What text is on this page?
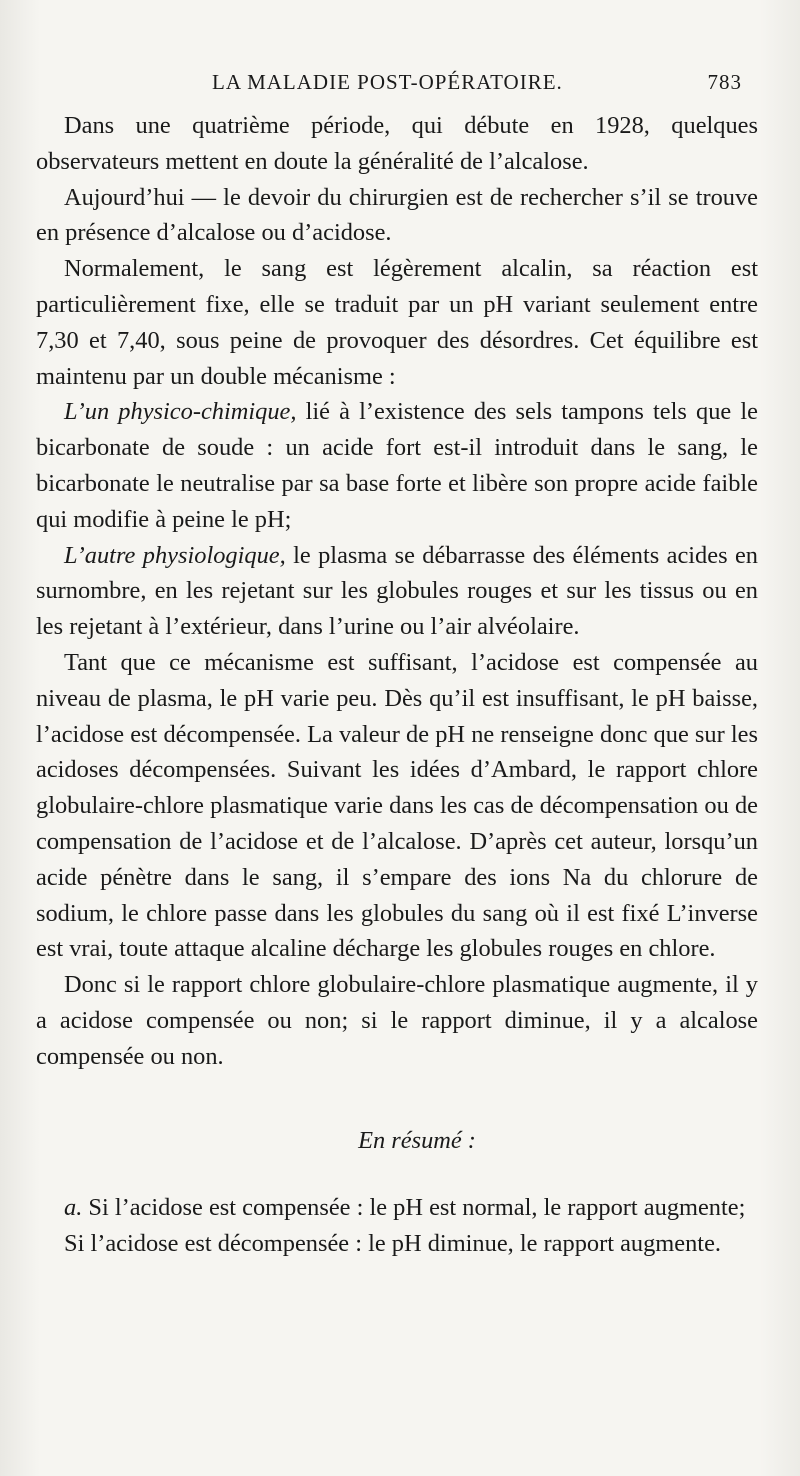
LA MALADIE POST-OPÉRATOIRE.	783

Dans une quatrième période, qui débute en 1928, quelques observateurs mettent en doute la généralité de l’alcalose.

Aujourd’hui — le devoir du chirurgien est de rechercher s’il se trouve en présence d’alcalose ou d’acidose.

Normalement, le sang est légèrement alcalin, sa réaction est particulièrement fixe, elle se traduit par un pH variant seulement entre 7,30 et 7,40, sous peine de provoquer des désordres. Cet équilibre est maintenu par un double mécanisme :

L’un physico-chimique, lié à l’existence des sels tampons tels que le bicarbonate de soude : un acide fort est-il introduit dans le sang, le bicarbonate le neutralise par sa base forte et libère son propre acide faible qui modifie à peine le pH;

L’autre physiologique, le plasma se débarrasse des éléments acides en surnombre, en les rejetant sur les globules rouges et sur les tissus ou en les rejetant à l’extérieur, dans l’urine ou l’air alvéolaire.

Tant que ce mécanisme est suffisant, l’acidose est compensée au niveau de plasma, le pH varie peu. Dès qu’il est insuffisant, le pH baisse, l’acidose est décompensée. La valeur de pH ne renseigne donc que sur les acidoses décompensées. Suivant les idées d’Ambard, le rapport chlore globulaire-chlore plasmatique varie dans les cas de décompensation ou de compensation de l’acidose et de l’alcalose. D’après cet auteur, lorsqu’un acide pénètre dans le sang, il s’empare des ions Na du chlorure de sodium, le chlore passe dans les globules du sang où il est fixé L’inverse est vrai, toute attaque alcaline décharge les globules rouges en chlore.

Donc si le rapport chlore globulaire-chlore plasmatique augmente, il y a acidose compensée ou non; si le rapport diminue, il y a alcalose compensée ou non.

En résumé :

a. Si l’acidose est compensée : le pH est normal, le rapport augmente;

Si l’acidose est décompensée : le pH diminue, le rapport augmente.
